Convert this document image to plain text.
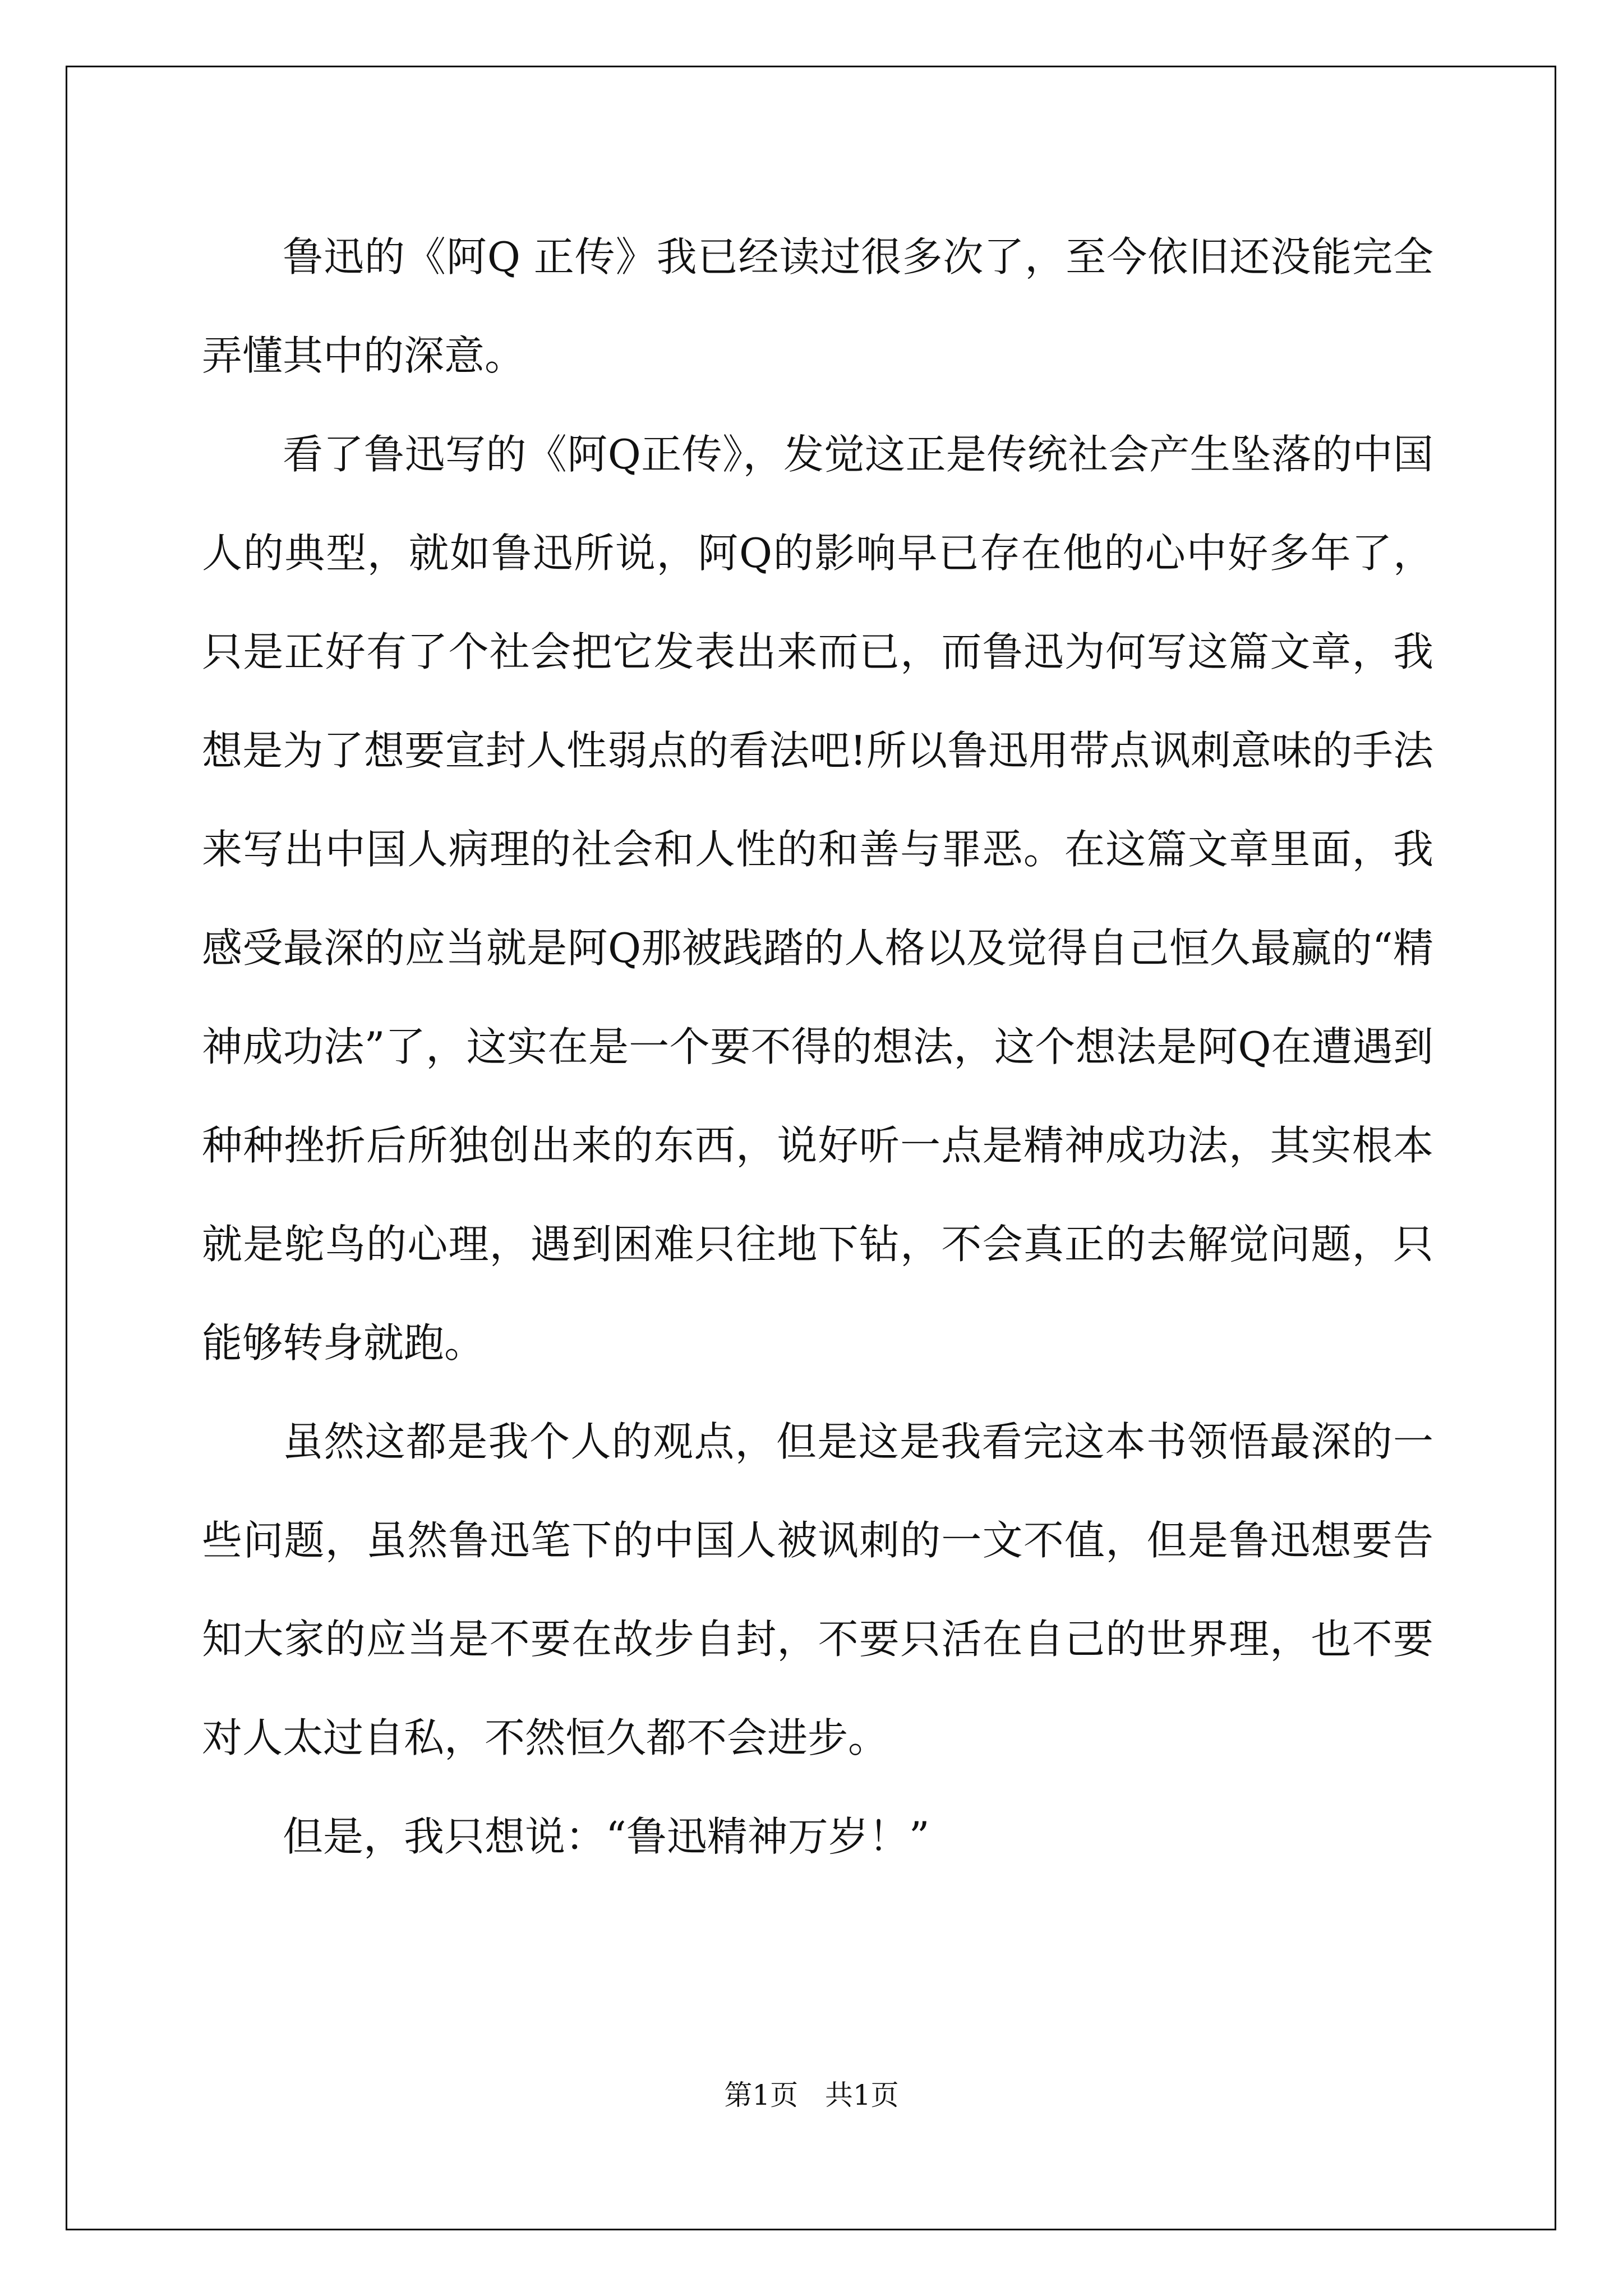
鲁迅的《阿Q 正传》我已经读过很多次了，至今依旧还没能完全弄懂其中的深意。

看了鲁迅写的《阿Q正传》，发觉这正是传统社会产生坠落的中国人的典型，就如鲁迅所说，阿Q的影响早已存在他的心中好多年了，只是正好有了个社会把它发表出来而已，而鲁迅为何写这篇文章，我想是为了想要宣封人性弱点的看法吧!所以鲁迅用带点讽刺意味的手法来写出中国人病理的社会和人性的和善与罪恶。在这篇文章里面，我感受最深的应当就是阿Q那被践踏的人格以及觉得自己恒久最赢的“精神成功法”了，这实在是一个要不得的想法，这个想法是阿Q在遭遇到种种挫折后所独创出来的东西，说好听一点是精神成功法，其实根本就是鸵鸟的心理，遇到困难只往地下钻，不会真正的去解觉问题，只能够转身就跑。

虽然这都是我个人的观点，但是这是我看完这本书领悟最深的一些问题，虽然鲁迅笔下的中国人被讽刺的一文不值，但是鲁迅想要告知大家的应当是不要在故步自封，不要只活在自己的世界理，也不要对人太过自私，不然恒久都不会进步。

但是，我只想说：“鲁迅精神万岁！”

第1页   共1页
